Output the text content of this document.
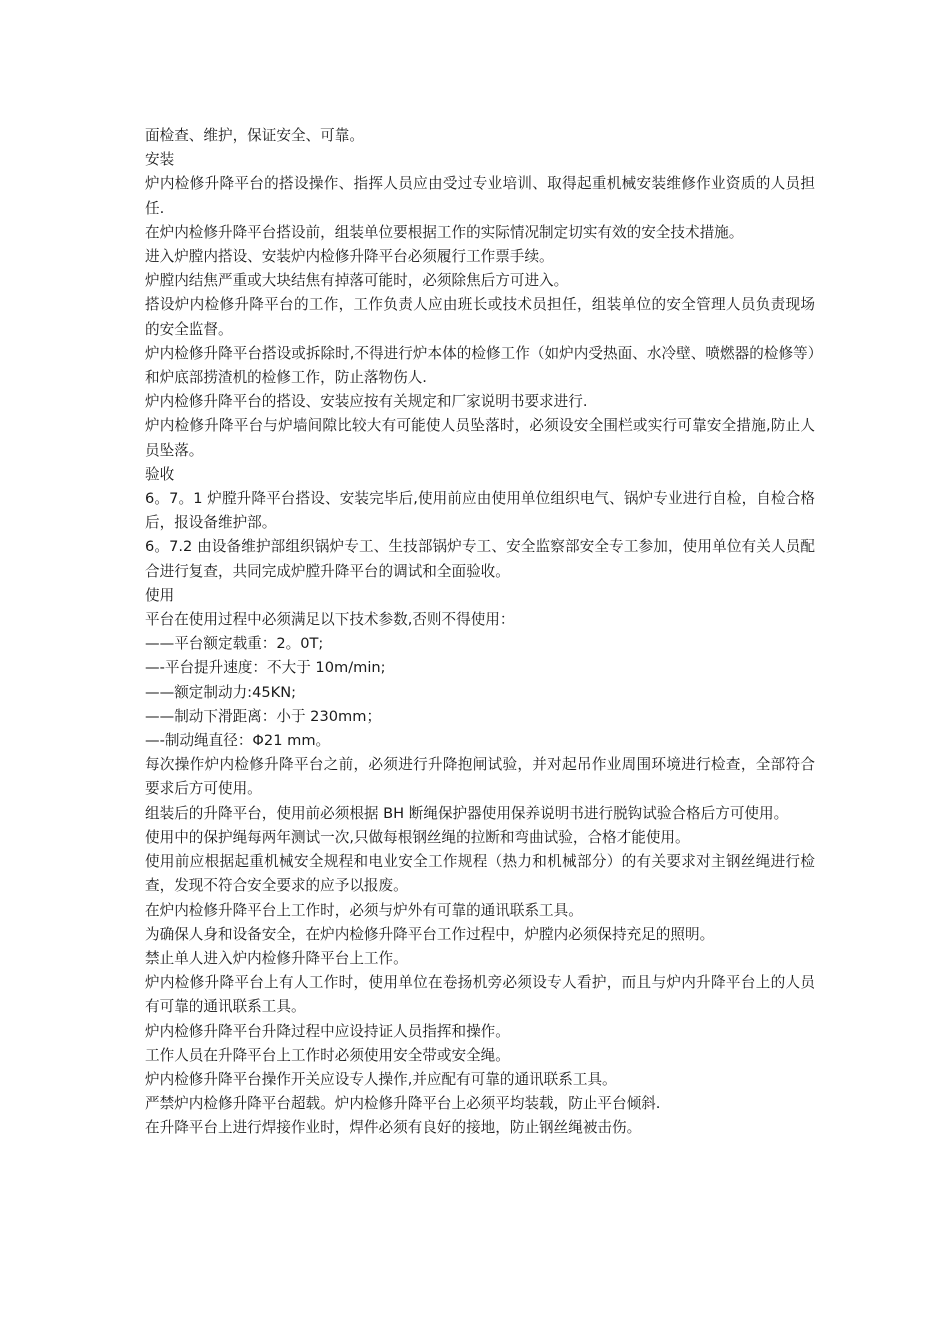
面检查、维护，保证安全、可靠。

安装

炉内检修升降平台的搭设操作、指挥人员应由受过专业培训、取得起重机械安装维修作业资质的人员担任.

在炉内检修升降平台搭设前，组装单位要根据工作的实际情况制定切实有效的安全技术措施。

进入炉膛内搭设、安装炉内检修升降平台必须履行工作票手续。

炉膛内结焦严重或大块结焦有掉落可能时，必须除焦后方可进入。

搭设炉内检修升降平台的工作，工作负责人应由班长或技术员担任，组装单位的安全管理人员负责现场的安全监督。

炉内检修升降平台搭设或拆除时,不得进行炉本体的检修工作（如炉内受热面、水冷壁、喷燃器的检修等）和炉底部捞渣机的检修工作，防止落物伤人.

炉内检修升降平台的搭设、安装应按有关规定和厂家说明书要求进行.

炉内检修升降平台与炉墙间隙比较大有可能使人员坠落时，必须设安全围栏或实行可靠安全措施,防止人员坠落。

验收

6。7。1 炉膛升降平台搭设、安装完毕后,使用前应由使用单位组织电气、锅炉专业进行自检，自检合格后，报设备维护部。

6。7.2 由设备维护部组织锅炉专工、生技部锅炉专工、安全监察部安全专工参加，使用单位有关人员配合进行复查，共同完成炉膛升降平台的调试和全面验收。

使用

平台在使用过程中必须满足以下技术参数,否则不得使用：

——平台额定载重：2。0T;

—-平台提升速度：不大于 10m/min;

——额定制动力:45KN;

——制动下滑距离：小于 230mm；

—-制动绳直径：Φ21 mm。

每次操作炉内检修升降平台之前，必须进行升降抱闸试验，并对起吊作业周围环境进行检查，全部符合要求后方可使用。

组装后的升降平台，使用前必须根据 BH 断绳保护器使用保养说明书进行脱钩试验合格后方可使用。

使用中的保护绳每两年测试一次,只做每根钢丝绳的拉断和弯曲试验，合格才能使用。

使用前应根据起重机械安全规程和电业安全工作规程（热力和机械部分）的有关要求对主钢丝绳进行检查，发现不符合安全要求的应予以报废。

在炉内检修升降平台上工作时，必须与炉外有可靠的通讯联系工具。

为确保人身和设备安全，在炉内检修升降平台工作过程中，炉膛内必须保持充足的照明。

禁止单人进入炉内检修升降平台上工作。

炉内检修升降平台上有人工作时，使用单位在卷扬机旁必须设专人看护，而且与炉内升降平台上的人员有可靠的通讯联系工具。

炉内检修升降平台升降过程中应设持证人员指挥和操作。

工作人员在升降平台上工作时必须使用安全带或安全绳。

炉内检修升降平台操作开关应设专人操作,并应配有可靠的通讯联系工具。

严禁炉内检修升降平台超载。炉内检修升降平台上必须平均装载，防止平台倾斜.

在升降平台上进行焊接作业时，焊件必须有良好的接地，防止钢丝绳被击伤。
